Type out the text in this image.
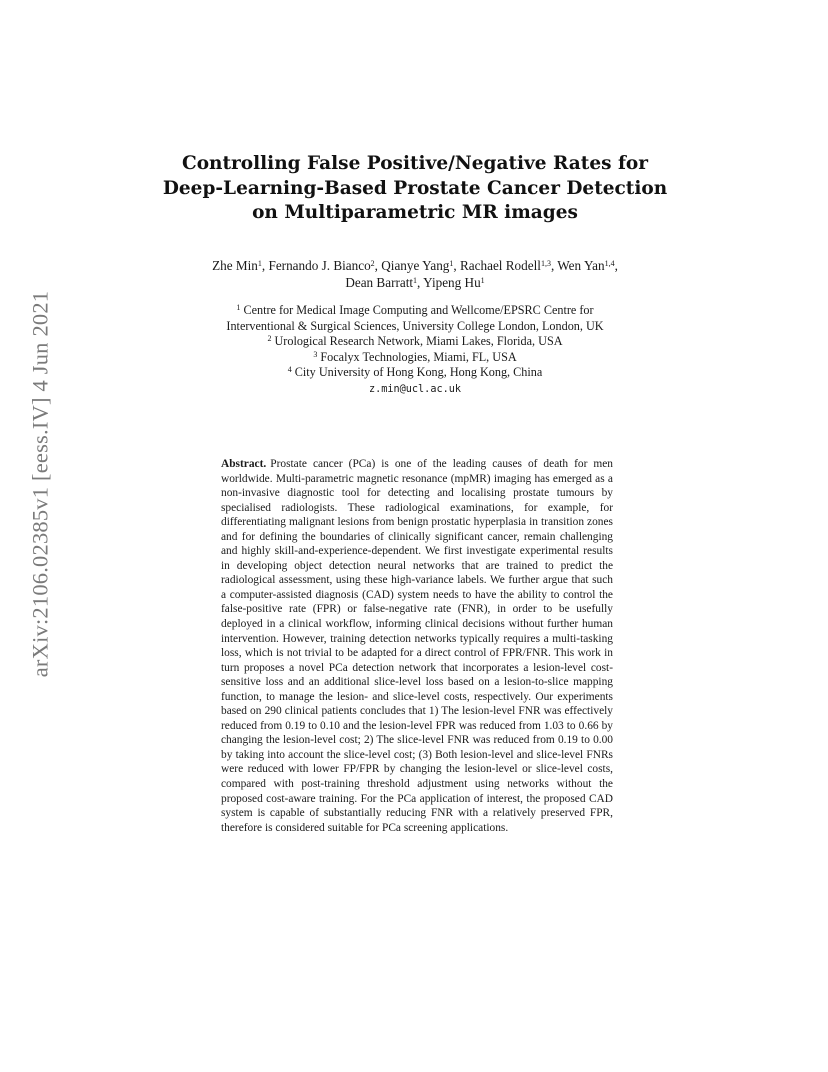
arXiv:2106.02385v1 [eess.IV] 4 Jun 2021
Controlling False Positive/Negative Rates for
Deep-Learning-Based Prostate Cancer Detection
on Multiparametric MR images
Zhe Min$^1$, Fernando J. Bianco$^2$, Qianye Yang$^1$, Rachael Rodell$^{1,3}$, Wen Yan$^{1,4}$,
Dean Barratt$^1$, Yipeng Hu$^1$
$^1$ Centre for Medical Image Computing and Wellcome/EPSRC Centre for
Interventional & Surgical Sciences, University College London, London, UK
$^2$ Urological Research Network, Miami Lakes, Florida, USA
$^3$ Focalyx Technologies, Miami, FL, USA
$^4$ City University of Hong Kong, Hong Kong, China
z.min@ucl.ac.uk

Abstract. Prostate cancer (PCa) is one of the leading causes of death for men worldwide. Multi-parametric magnetic resonance (mpMR) imaging has emerged as a non-invasive diagnostic tool for detecting and localising prostate tumours by specialised radiologists. These radiological examinations, for example, for differentiating malignant lesions from benign prostatic hyperplasia in transition zones and for defining the boundaries of clinically significant cancer, remain challenging and highly skill-and-experience-dependent. We first investigate experimental results in developing object detection neural networks that are trained to predict the radiological assessment, using these high-variance labels. We further argue that such a computer-assisted diagnosis (CAD) system needs to have the ability to control the false-positive rate (FPR) or false-negative rate (FNR), in order to be usefully deployed in a clinical workflow, informing clinical decisions without further human intervention. However, training detection networks typically requires a multi-tasking loss, which is not trivial to be adapted for a direct control of FPR/FNR. This work in turn proposes a novel PCa detection network that incorporates a lesion-level cost-sensitive loss and an additional slice-level loss based on a lesion-to-slice mapping function, to manage the lesion- and slice-level costs, respectively. Our experiments based on 290 clinical patients concludes that 1) The lesion-level FNR was effectively reduced from 0.19 to 0.10 and the lesion-level FPR was reduced from 1.03 to 0.66 by changing the lesion-level cost; 2) The slice-level FNR was reduced from 0.19 to 0.00 by taking into account the slice-level cost; (3) Both lesion-level and slice-level FNRs were reduced with lower FP/FPR by changing the lesion-level or slice-level costs, compared with post-training threshold adjustment using networks without the proposed cost-aware training. For the PCa application of interest, the proposed CAD system is capable of substantially reducing FNR with a relatively preserved FPR, therefore is considered suitable for PCa screening applications.
